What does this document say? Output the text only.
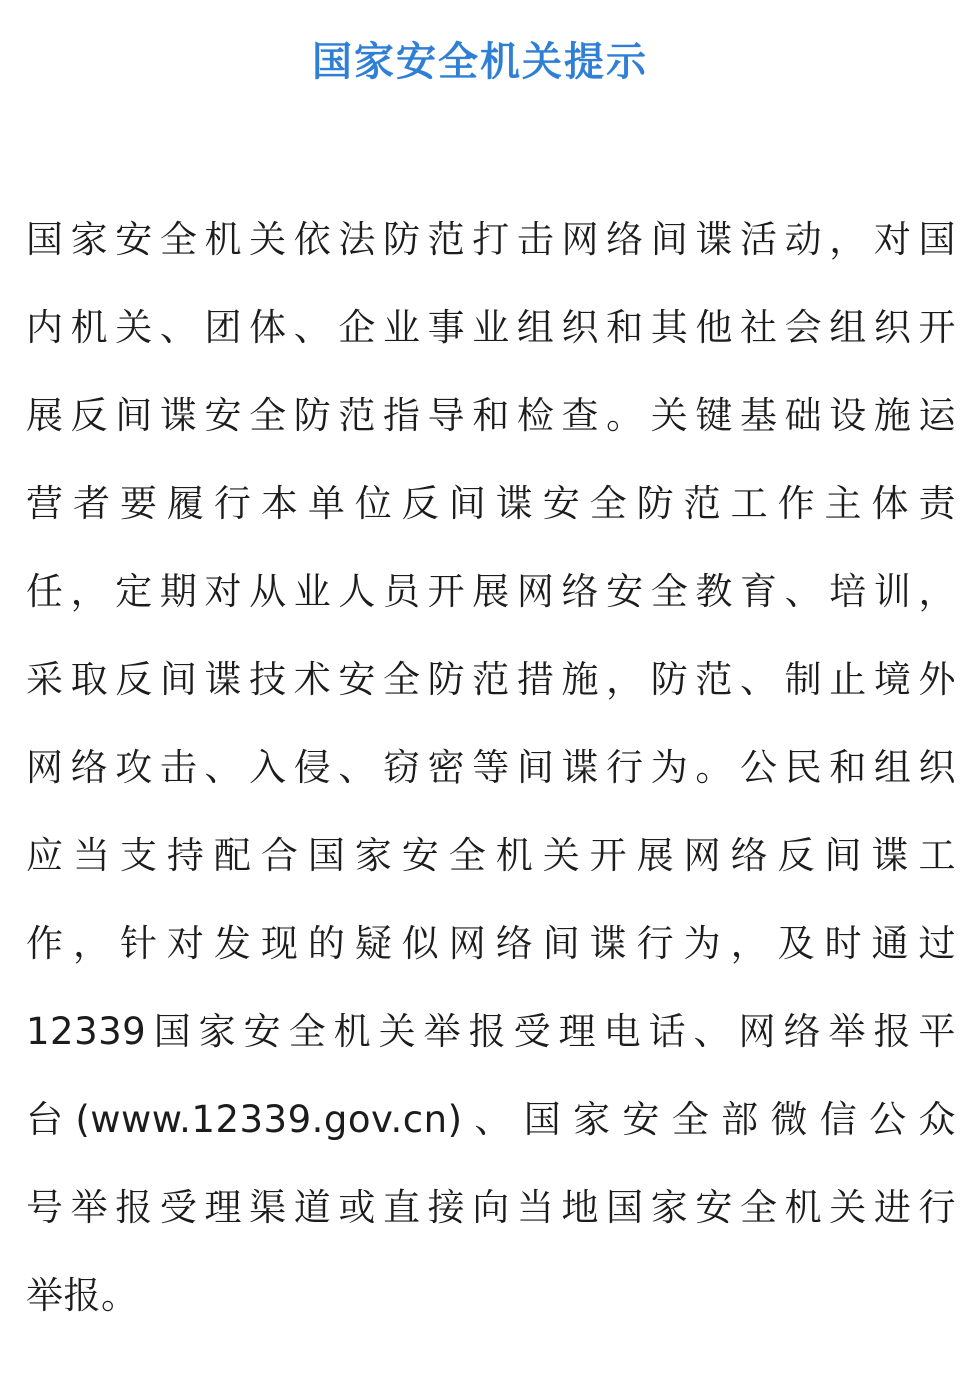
国家安全机关提示
国家安全机关依法防范打击网络间谍活动，对国
内机关、团体、企业事业组织和其他社会组织开
展反间谍安全防范指导和检查。关键基础设施运
营者要履行本单位反间谍安全防范工作主体责
任，定期对从业人员开展网络安全教育、培训，
采取反间谍技术安全防范措施，防范、制止境外
网络攻击、入侵、窃密等间谍行为。公民和组织
应当支持配合国家安全机关开展网络反间谍工
作，针对发现的疑似网络间谍行为，及时通过
12339国家安全机关举报受理电话、网络举报平
台(www.12339.gov.cn)、国家安全部微信公众
号举报受理渠道或直接向当地国家安全机关进行
举报。
